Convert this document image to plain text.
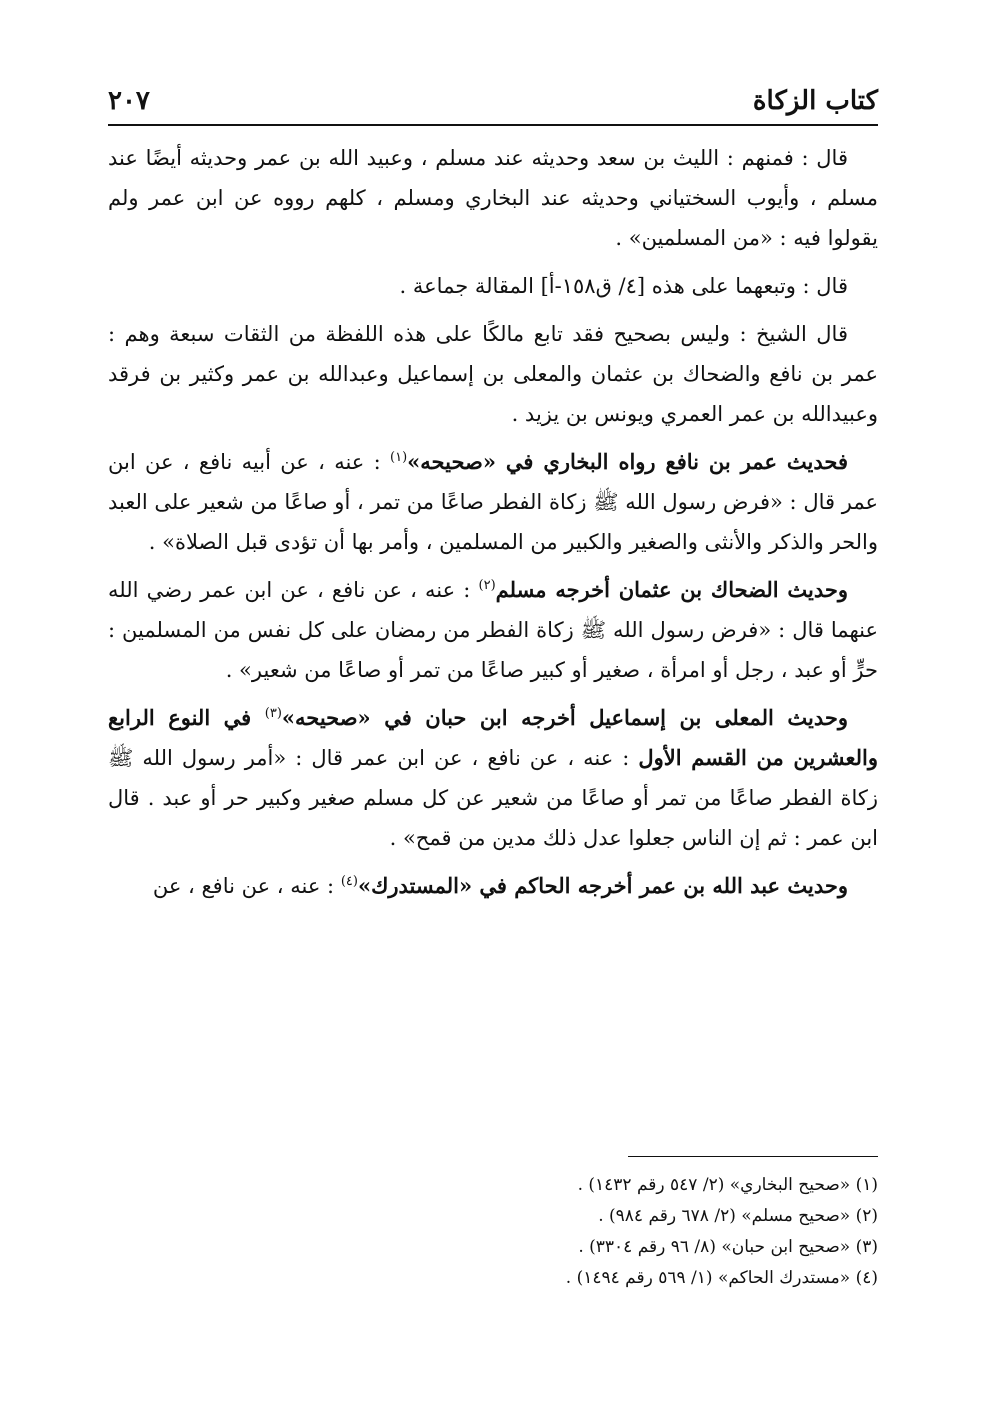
كتاب الزكاة
٢٠٧

قال : فمنهم : الليث بن سعد وحديثه عند مسلم ، وعبيد الله بن عمر وحديثه أيضًا عند مسلم ، وأيوب السختياني وحديثه عند البخاري ومسلم ، كلهم رووه عن ابن عمر ولم يقولوا فيه : «من المسلمين» .

قال : وتبعهما على هذه [٤/ ق١٥٨-أ] المقالة جماعة .

قال الشيخ : وليس بصحيح فقد تابع مالكًا على هذه اللفظة من الثقات سبعة وهم : عمر بن نافع والضحاك بن عثمان والمعلى بن إسماعيل وعبدالله بن عمر وكثير بن فرقد وعبيدالله بن عمر العمري ويونس بن يزيد .

فحديث عمر بن نافع رواه البخاري في «صحيحه»$^{(١)}$ : عنه ، عن أبيه نافع ، عن ابن عمر قال : «فرض رسول الله ﷺ زكاة الفطر صاعًا من تمر ، أو صاعًا من شعير على العبد والحر والذكر والأنثى والصغير والكبير من المسلمين ، وأمر بها أن تؤدى قبل الصلاة» .

وحديث الضحاك بن عثمان أخرجه مسلم$^{(٢)}$ : عنه ، عن نافع ، عن ابن عمر رضي الله عنهما قال : «فرض رسول الله ﷺ زكاة الفطر من رمضان على كل نفس من المسلمين : حرٍّ أو عبد ، رجل أو امرأة ، صغير أو كبير صاعًا من تمر أو صاعًا من شعير» .

وحديث المعلى بن إسماعيل أخرجه ابن حبان في «صحيحه»$^{(٣)}$ في النوع الرابع والعشرين من القسم الأول : عنه ، عن نافع ، عن ابن عمر قال : «أمر رسول الله ﷺ زكاة الفطر صاعًا من تمر أو صاعًا من شعير عن كل مسلم صغير وكبير حر أو عبد . قال ابن عمر : ثم إن الناس جعلوا عدل ذلك مدين من قمح» .

وحديث عبد الله بن عمر أخرجه الحاكم في «المستدرك»$^{(٤)}$ : عنه ، عن نافع ، عن

(١) «صحيح البخاري» (٢/ ٥٤٧ رقم ١٤٣٢) .
(٢) «صحيح مسلم» (٢/ ٦٧٨ رقم ٩٨٤) .
(٣) «صحيح ابن حبان» (٨/ ٩٦ رقم ٣٣٠٤) .
(٤) «مستدرك الحاكم» (١/ ٥٦٩ رقم ١٤٩٤) .
